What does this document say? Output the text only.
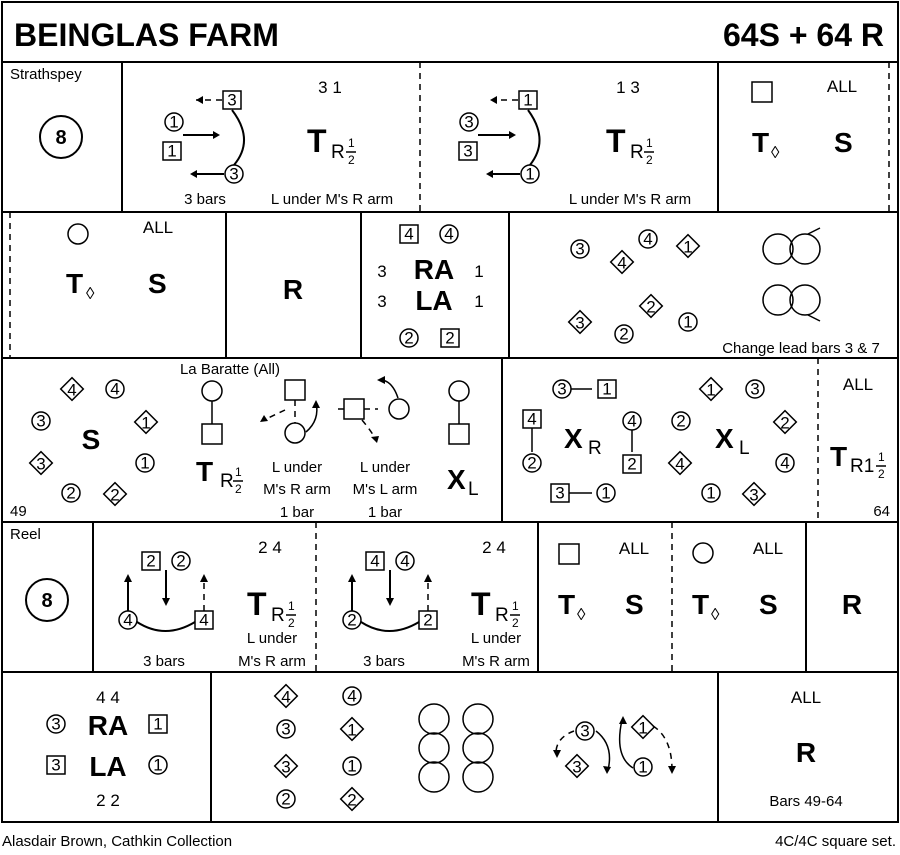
BEINGLAS FARM	64S + 64 R
Strathspey
8
3 1
3
1
1
3
T R 1
2
3 bars	L under M's R arm
1 3
1
3
3
1
T R 1
2
L under M's R arm
ALL
T ◊ S
ALL
T ◊ S	R
4 4
3 RA 1
3 LA 1
2 2
3
4
4 1
3
2
2
1
Change lead bars 3 & 7
4 4
3	1
S
3	1
2 2
49
La Baratte (All)
T R 1
2
L under
M's R arm
1 bar
L under
M's L arm
1 bar
X L
3 1
4
2
X R
4
2
3 1
1 3
2	2
X L
4	4
1 3
ALL
T R1 1
2
64
Reel
8
2 4
2 2
4	4 T R 1
2
L under
3 bars	M's R arm
2 4
4 4
2	2 T R 1
2
L under
3 bars	M's R arm
ALL
T ◊ S
ALL
T ◊ S R
4 4
3 RA 1
3 LA 1
2 2
4	4
3	1
3	1
2	2
3
3
1
1
ALL
R
Bars 49-64
Alasdair Brown, Cathkin Collection	4C/4C square set.
